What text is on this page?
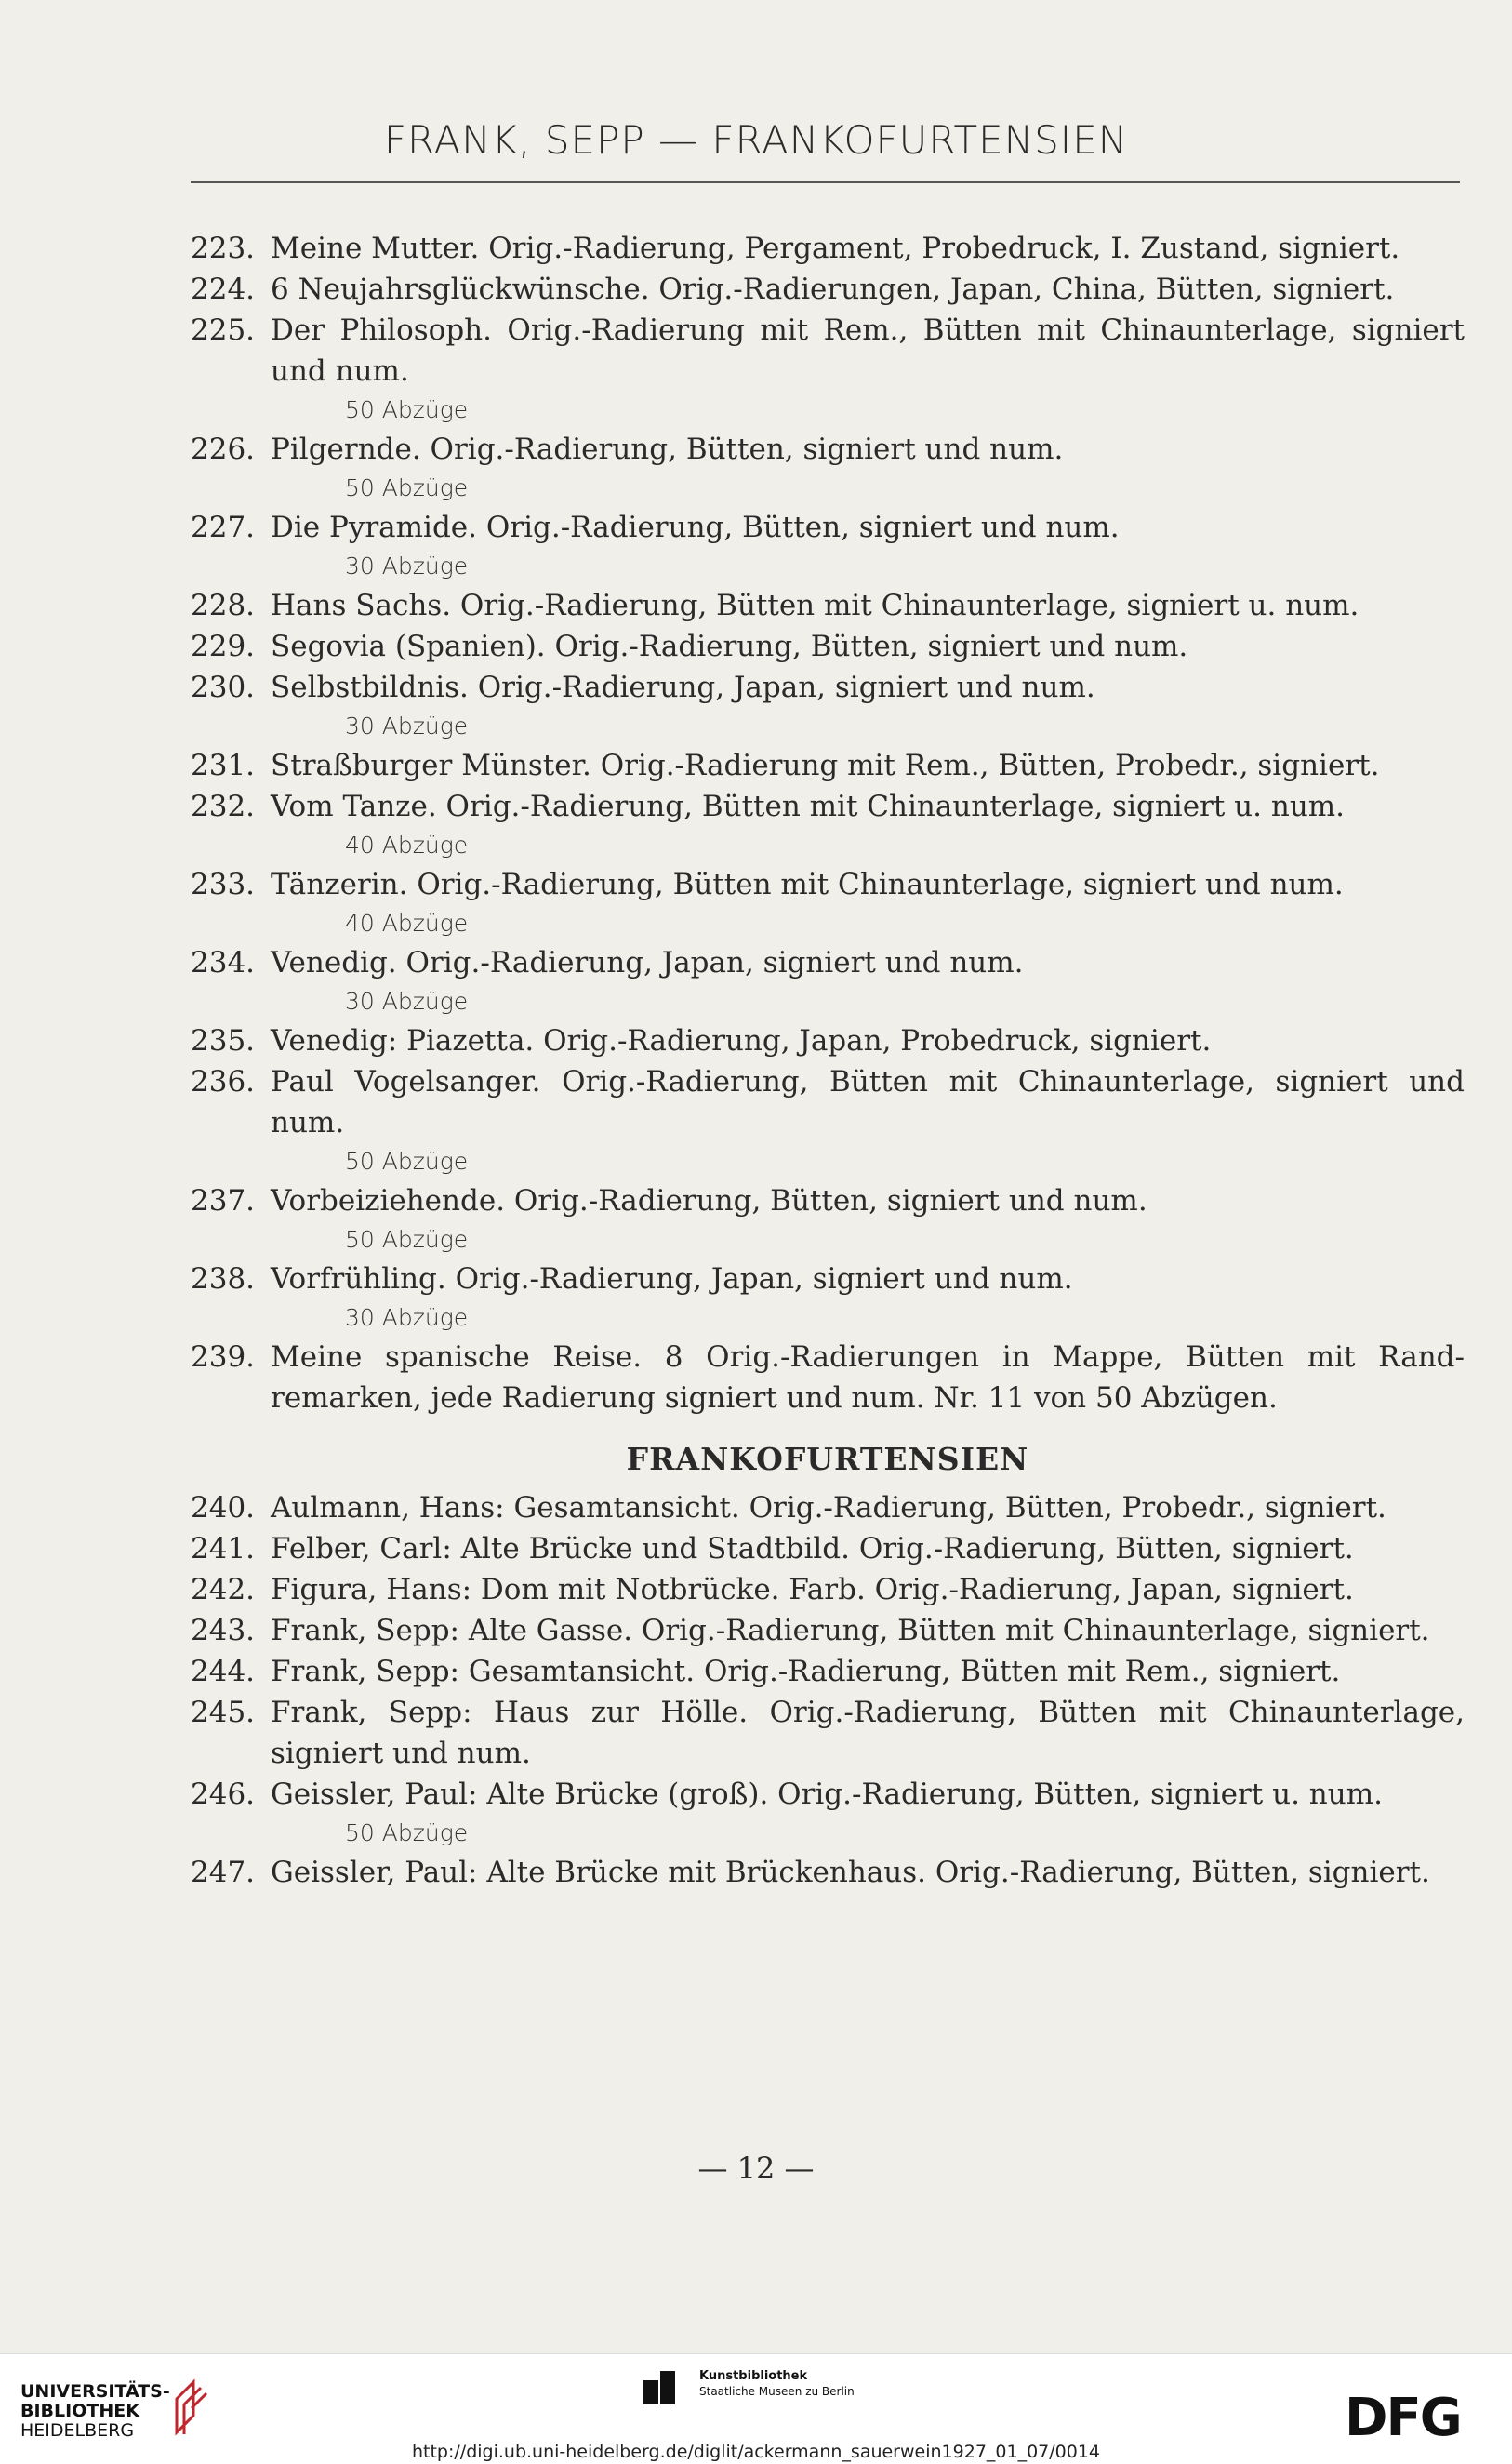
FRANK, SEPP — FRANKOFURTENSIEN
223. Meine Mutter. Orig.-Radierung, Pergament, Probedruck, I. Zustand, signiert.
224. 6 Neujahrsglückwünsche. Orig.-Radierungen, Japan, China, Bütten, signiert.
225. Der Philosoph. Orig.-Radierung mit Rem., Bütten mit Chinaunterlage, signiert und num.
50 Abzüge
226. Pilgernde. Orig.-Radierung, Bütten, signiert und num.
50 Abzüge
227. Die Pyramide. Orig.-Radierung, Bütten, signiert und num.
30 Abzüge
228. Hans Sachs. Orig.-Radierung, Bütten mit Chinaunterlage, signiert u. num.
229. Segovia (Spanien). Orig.-Radierung, Bütten, signiert und num.
230. Selbstbildnis. Orig.-Radierung, Japan, signiert und num.
30 Abzüge
231. Straßburger Münster. Orig.-Radierung mit Rem., Bütten, Probedr., signiert.
232. Vom Tanze. Orig.-Radierung, Bütten mit Chinaunterlage, signiert u. num.
40 Abzüge
233. Tänzerin. Orig.-Radierung, Bütten mit Chinaunterlage, signiert und num.
40 Abzüge
234. Venedig. Orig.-Radierung, Japan, signiert und num.
30 Abzüge
235. Venedig: Piazetta. Orig.-Radierung, Japan, Probedruck, signiert.
236. Paul Vogelsanger. Orig.-Radierung, Bütten mit Chinaunterlage, signiert und num.
50 Abzüge
237. Vorbeiziehende. Orig.-Radierung, Bütten, signiert und num.
50 Abzüge
238. Vorfrühling. Orig.-Radierung, Japan, signiert und num.
30 Abzüge
239. Meine spanische Reise. 8 Orig.-Radierungen in Mappe, Bütten mit Rand-remarken, jede Radierung signiert und num. Nr. 11 von 50 Abzügen.
FRANKOFURTENSIEN
240. Aulmann, Hans: Gesamtansicht. Orig.-Radierung, Bütten, Probedr., signiert.
241. Felber, Carl: Alte Brücke und Stadtbild. Orig.-Radierung, Bütten, signiert.
242. Figura, Hans: Dom mit Notbrücke. Farb. Orig.-Radierung, Japan, signiert.
243. Frank, Sepp: Alte Gasse. Orig.-Radierung, Bütten mit Chinaunterlage, signiert.
244. Frank, Sepp: Gesamtansicht. Orig.-Radierung, Bütten mit Rem., signiert.
245. Frank, Sepp: Haus zur Hölle. Orig.-Radierung, Bütten mit Chinaunterlage, signiert und num.
246. Geissler, Paul: Alte Brücke (groß). Orig.-Radierung, Bütten, signiert u. num.
50 Abzüge
247. Geissler, Paul: Alte Brücke mit Brückenhaus. Orig.-Radierung, Bütten, signiert.
— 12 —
UNIVERSITÄTS-
BIBLIOTHEK
HEIDELBERG
Kunstbibliothek
Staatliche Museen zu Berlin	DFG
http://digi.ub.uni-heidelberg.de/diglit/ackermann_sauerwein1927_01_07/0014
